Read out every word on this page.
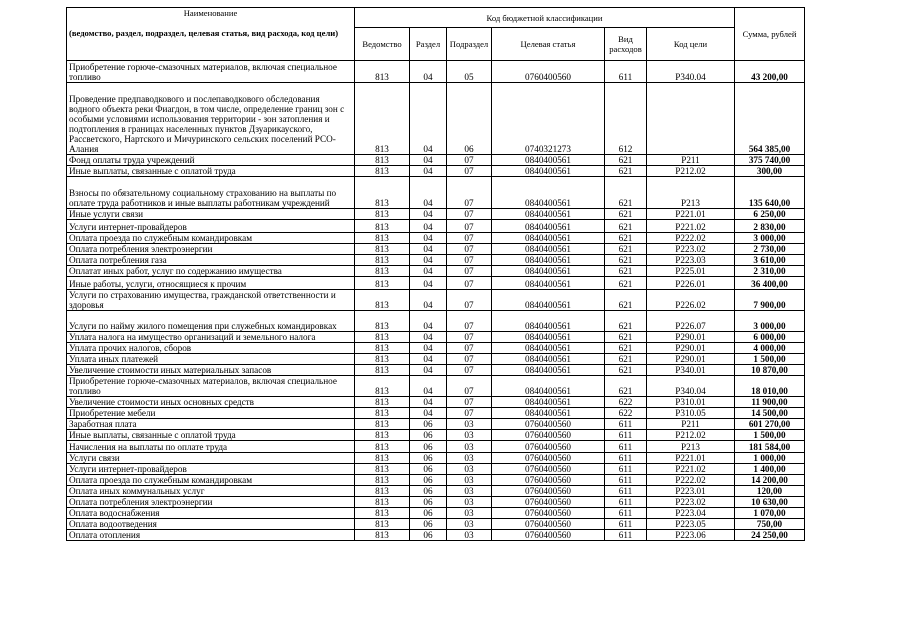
Наименование
(ведомство, раздел, подраздел, целевая статья, вид расхода, код цели)	Код бюджетной классификации						Сумма, рублей
	Ведомство	Раздел	Подраздел	Целевая статья	Вид расходов	Код цели	
Приобретение горюче-смазочных материалов, включая специальное топливо	813	04	05	0760400560	611	P340.04	43 200,00
Проведение предпаводкового и послепаводкового обследования водного объекта реки Фиагдон, в том числе, определение границ зон с особыми условиями использования территории - зон затопления и подтопления в границах населенных пунктов Дзуарикауского, Рассветского, Нартского и Мичуринского сельских поселений РСО-Алания	813	04	06	0740321273	612		564 385,00
Фонд оплаты труда учреждений	813	04	07	0840400561	621	P211	375 740,00
Иные выплаты, связанные с оплатой труда	813	04	07	0840400561	621	P212.02	300,00
Взносы по обязательному социальному страхованию на выплаты по оплате труда работников и иные выплаты работникам учреждений	813	04	07	0840400561	621	P213	135 640,00
Иные услуги связи	813	04	07	0840400561	621	P221.01	6 250,00
Услуги интернет-провайдеров	813	04	07	0840400561	621	P221.02	2 830,00
Оплата проезда по служебным командировкам	813	04	07	0840400561	621	P222.02	3 000,00
Оплата потребления электроэнергии	813	04	07	0840400561	621	P223.02	2 730,00
Оплата потребления газа	813	04	07	0840400561	621	P223.03	3 610,00
Оплатат иных работ, услуг по содержанию имущества	813	04	07	0840400561	621	P225.01	2 310,00
Иные работы, услуги, относящиеся к прочим	813	04	07	0840400561	621	P226.01	36 400,00
Услуги по страхованию имущества, гражданской ответственности и здоровья	813	04	07	0840400561	621	P226.02	7 900,00
Услуги по найму жилого помещения при служебных командировках	813	04	07	0840400561	621	P226.07	3 000,00
Уплата налога на имущество организаций и земельного налога	813	04	07	0840400561	621	P290.01	6 000,00
Уплата прочих налогов, сборов	813	04	07	0840400561	621	P290.01	4 000,00
Уплата иных платежей	813	04	07	0840400561	621	P290.01	1 500,00
Увеличение стоимости иных материальных запасов	813	04	07	0840400561	621	P340.01	10 870,00
Приобретение горюче-смазочных материалов, включая специальное топливо	813	04	07	0840400561	621	P340.04	18 010,00
Увеличение стоимости иных основных средств	813	04	07	0840400561	622	P310.01	11 900,00
Приобретение мебели	813	04	07	0840400561	622	P310.05	14 500,00
Заработная плата	813	06	03	0760400560	611	P211	601 270,00
Иные выплаты, связанные с оплатой труда	813	06	03	0760400560	611	P212.02	1 500,00
Начисления на выплаты по оплате труда	813	06	03	0760400560	611	P213	181 584,00
Услуги связи	813	06	03	0760400560	611	P221.01	1 000,00
Услуги интернет-провайдеров	813	06	03	0760400560	611	P221.02	1 400,00
Оплата проезда по служебным командировкам	813	06	03	0760400560	611	P222.02	14 200,00
Оплата иных коммунальных услуг	813	06	03	0760400560	611	P223.01	120,00
Оплата потребления электроэнергии	813	06	03	0760400560	611	P223.02	10 630,00
Оплата водоснабжения	813	06	03	0760400560	611	P223.04	1 070,00
Оплата водоотведения	813	06	03	0760400560	611	P223.05	750,00
Оплата отопления	813	06	03	0760400560	611	P223.06	24 250,00
